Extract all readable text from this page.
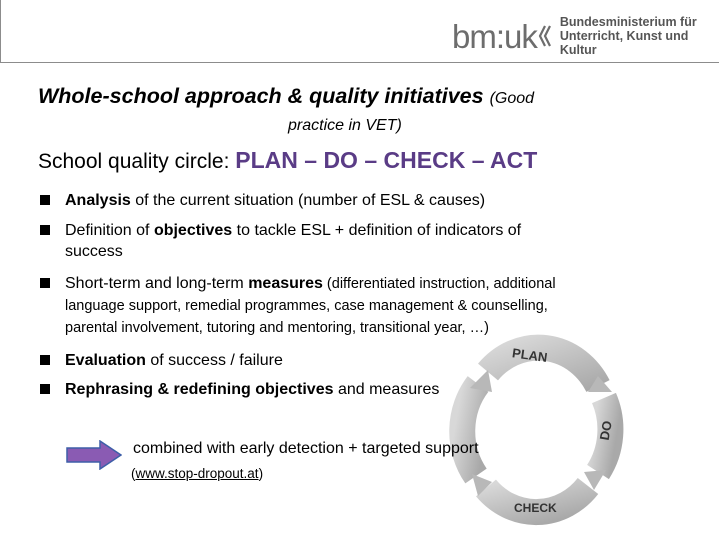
bm:uk Bundesministerium für
Unterricht, Kunst und Kultur
Whole-school approach & quality initiatives (Good
practice in VET)
School quality circle: PLAN – DO – CHECK – ACT
Analysis of the current situation (number of ESL & causes)
Definition of objectives to tackle ESL + definition of indicators of
success
Short-term and long-term measures (differentiated instruction, additional
language support, remedial programmes, case management & counselling,
parental involvement, tutoring and mentoring, transitional year, …)
Evaluation of success / failure
Rephrasing & redefining objectives and measures
PLAN
DO
CHECK
combined with early detection + targeted support
(www.stop-dropout.at)
